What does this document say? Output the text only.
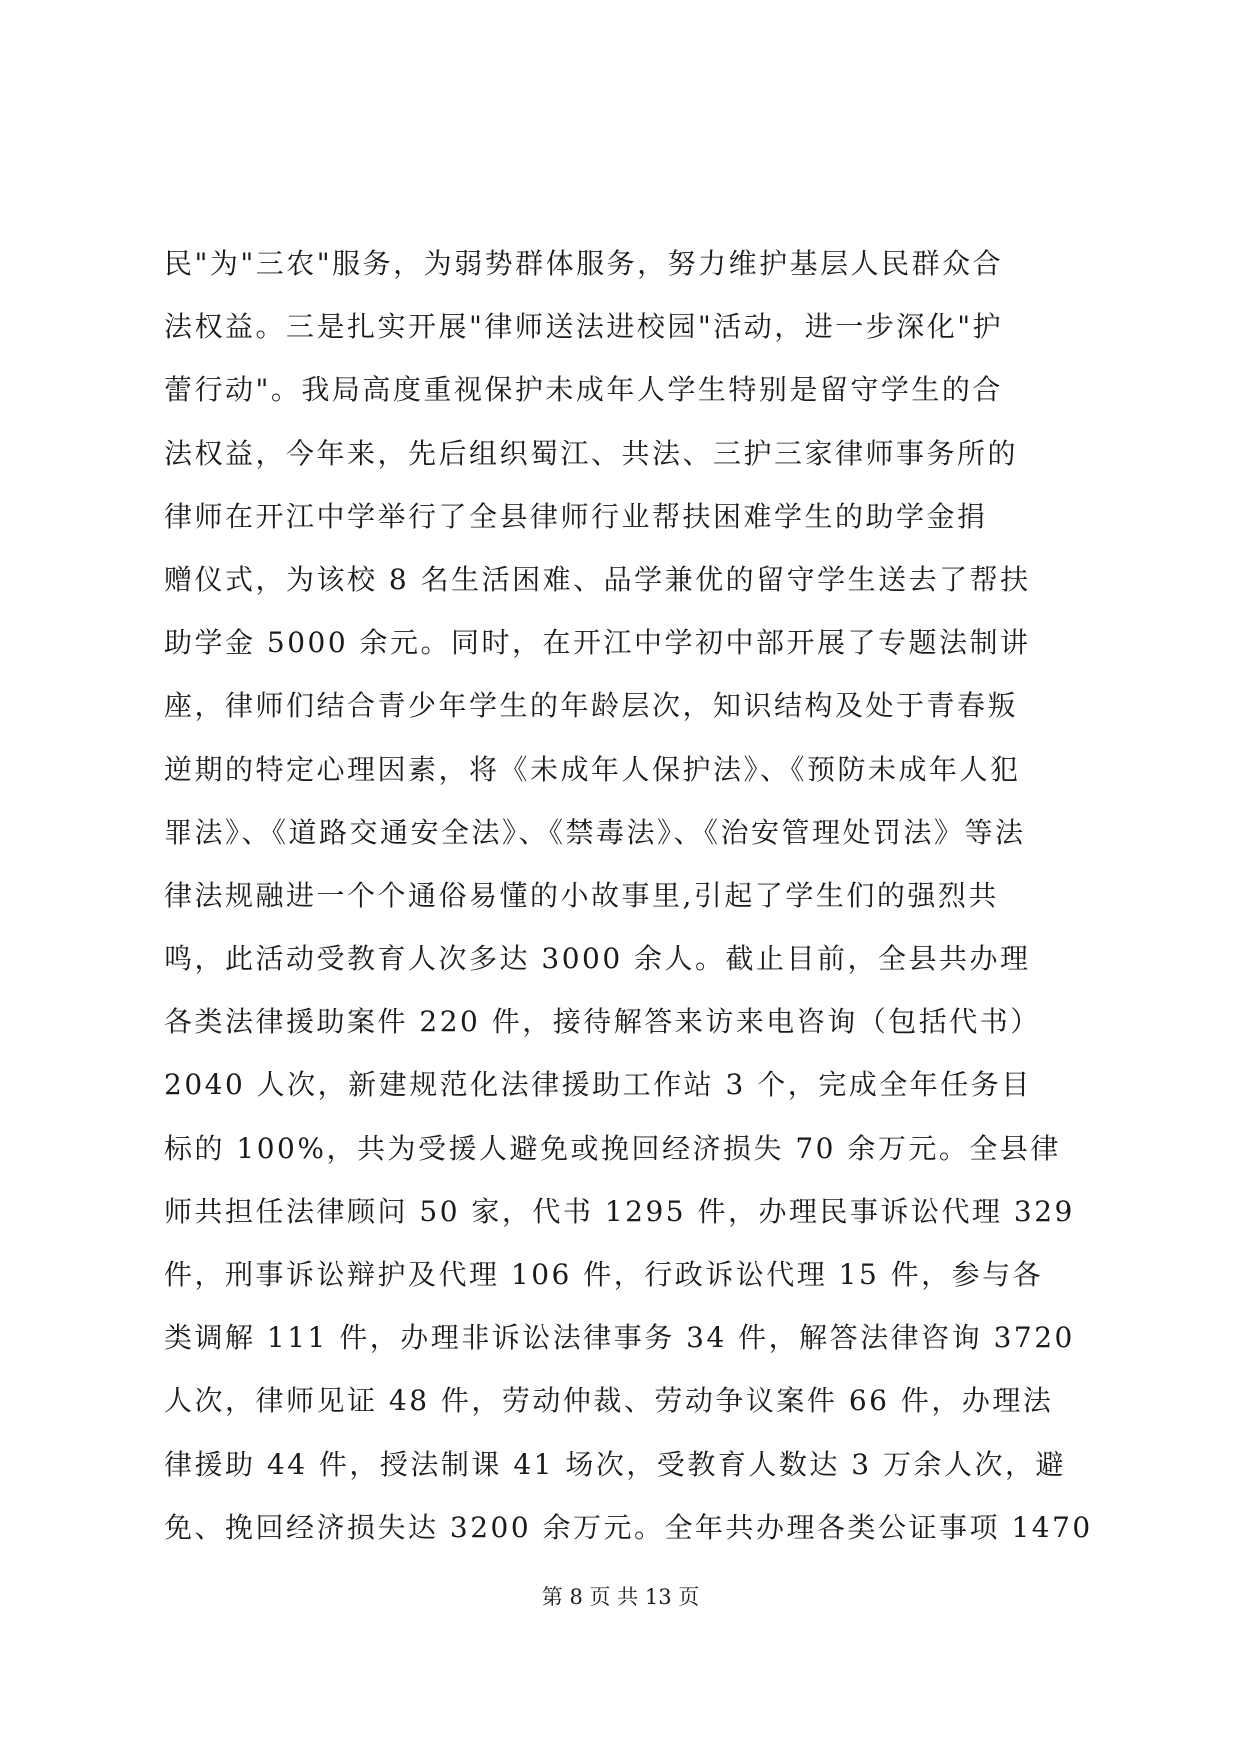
民"为"三农"服务，为弱势群体服务，努力维护基层人民群众合
法权益。三是扎实开展"律师送法进校园"活动，进一步深化"护
蕾行动"。我局高度重视保护未成年人学生特别是留守学生的合
法权益，今年来，先后组织蜀江、共法、三护三家律师事务所的
律师在开江中学举行了全县律师行业帮扶困难学生的助学金捐
赠仪式，为该校 8 名生活困难、品学兼优的留守学生送去了帮扶
助学金 5000 余元。同时，在开江中学初中部开展了专题法制讲
座，律师们结合青少年学生的年龄层次，知识结构及处于青春叛
逆期的特定心理因素，将《未成年人保护法》、《预防未成年人犯
罪法》、《道路交通安全法》、《禁毒法》、《治安管理处罚法》等法
律法规融进一个个通俗易懂的小故事里,引起了学生们的强烈共
鸣，此活动受教育人次多达 3000 余人。截止目前，全县共办理
各类法律援助案件 220 件，接待解答来访来电咨询（包括代书）
2040 人次，新建规范化法律援助工作站 3 个，完成全年任务目
标的 100%，共为受援人避免或挽回经济损失 70 余万元。全县律
师共担任法律顾问 50 家，代书 1295 件，办理民事诉讼代理 329
件，刑事诉讼辩护及代理 106 件，行政诉讼代理 15 件，参与各
类调解 111 件，办理非诉讼法律事务 34 件，解答法律咨询 3720
人次，律师见证 48 件，劳动仲裁、劳动争议案件 66 件，办理法
律援助 44 件，授法制课 41 场次，受教育人数达 3 万余人次，避
免、挽回经济损失达 3200 余万元。全年共办理各类公证事项 1470
第 8 页 共 13 页
